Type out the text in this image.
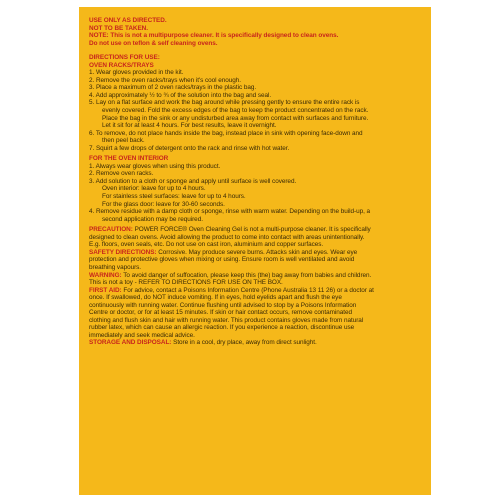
USE ONLY AS DIRECTED.
NOT TO BE TAKEN.
NOTE: This is not a multipurpose cleaner. It is specifically designed to clean ovens.
Do not use on teflon & self cleaning ovens.
DIRECTIONS FOR USE:
OVEN RACKS/TRAYS
1. Wear gloves provided in the kit.
2. Remove the oven racks/trays when it's cool enough.
3. Place a maximum of 2 oven racks/trays in the plastic bag.
4. Add approximately ½ to ¾ of the solution into the bag and seal.
5. Lay on a flat surface and work the bag around while pressing gently to ensure the entire rack is
evenly covered. Fold the excess edges of the bag to keep the product concentrated on the rack.
Place the bag in the sink or any undisturbed area away from contact with surfaces and furniture.
Let it sit for at least 4 hours. For best results, leave it overnight.
6. To remove, do not place hands inside the bag, instead place in sink with opening face-down and
then peel back.
7. Squirt a few drops of detergent onto the rack and rinse with hot water.
FOR THE OVEN INTERIOR
1. Always wear gloves when using this product.
2. Remove oven racks.
3. Add solution to a cloth or sponge and apply until surface is well covered.
Oven interior: leave for up to 4 hours.
For stainless steel surfaces: leave for up to 4 hours.
For the glass door: leave for 30-60 seconds.
4. Remove residue with a damp cloth or sponge, rinse with warm water. Depending on the build-up, a
second application may be required.
PRECAUTION: POWER FORCE® Oven Cleaning Gel is not a multi-purpose cleaner. It is specifically
designed to clean ovens. Avoid allowing the product to come into contact with areas unintentionally.
E.g. floors, oven seals, etc. Do not use on cast iron, aluminium and copper surfaces.
SAFETY DIRECTIONS: Corrosive. May produce severe burns. Attacks skin and eyes. Wear eye
protection and protective gloves when mixing or using. Ensure room is well ventilated and avoid
breathing vapours.
WARNING: To avoid danger of suffocation, please keep this (the) bag away from babies and children.
This is not a toy - REFER TO DIRECTIONS FOR USE ON THE BOX.
FIRST AID: For advice, contact a Poisons Information Centre (Phone Australia 13 11 26) or a doctor at
once. If swallowed, do NOT induce vomiting. If in eyes, hold eyelids apart and flush the eye
continuously with running water. Continue flushing until advised to stop by a Poisons Information
Centre or doctor, or for at least 15 minutes. If skin or hair contact occurs, remove contaminated
clothing and flush skin and hair with running water. This product contains gloves made from natural
rubber latex, which can cause an allergic reaction. If you experience a reaction, discontinue use
immediately and seek medical advice.
STORAGE AND DISPOSAL: Store in a cool, dry place, away from direct sunlight.
